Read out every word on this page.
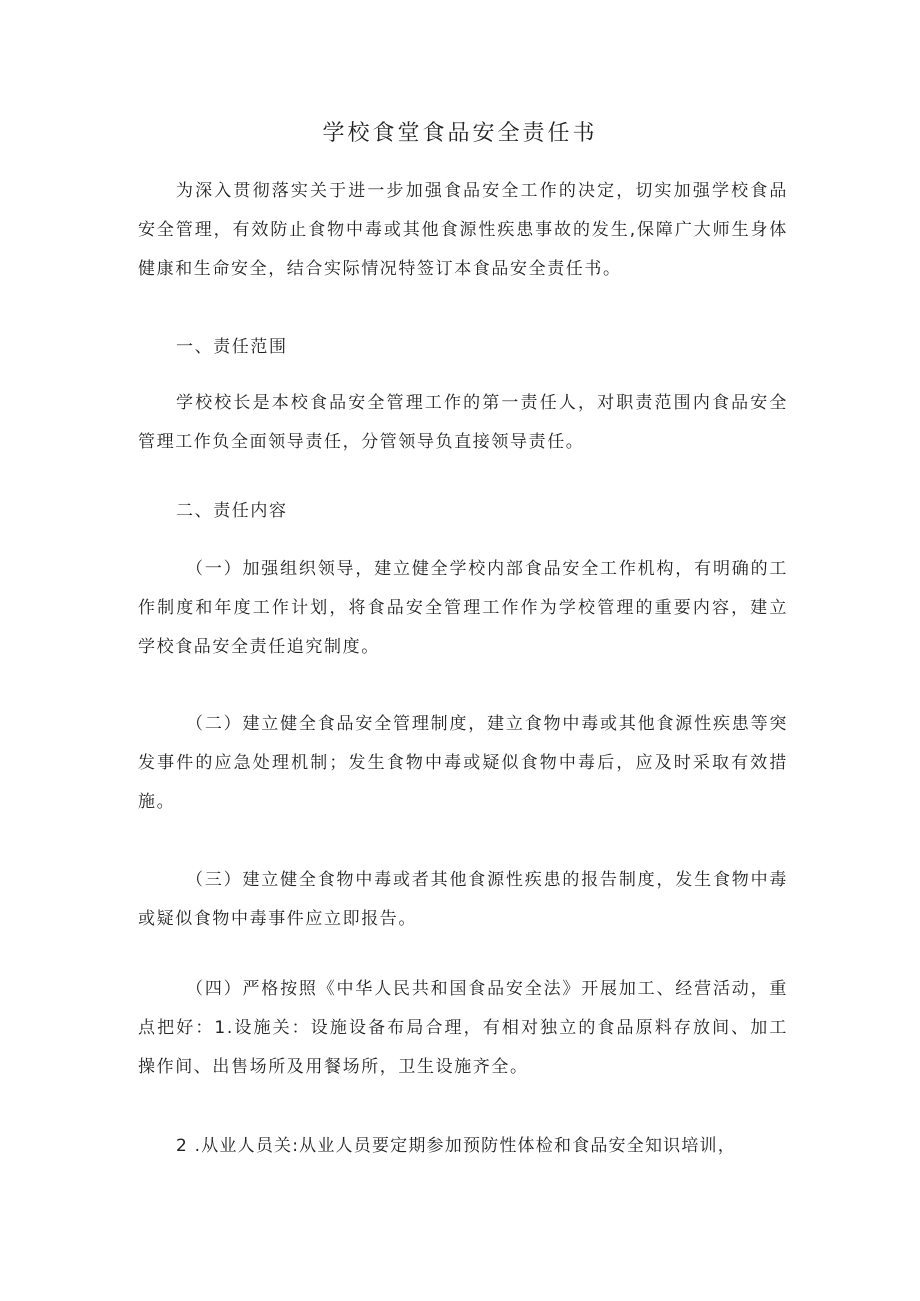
学校食堂食品安全责任书
为深入贯彻落实关于进一步加强食品安全工作的决定，切实加强学校食品安全管理，有效防止食物中毒或其他食源性疾患事故的发生,保障广大师生身体健康和生命安全，结合实际情况特签订本食品安全责任书。
一、责任范围
学校校长是本校食品安全管理工作的第一责任人，对职责范围内食品安全管理工作负全面领导责任，分管领导负直接领导责任。
二、责任内容
（一）加强组织领导，建立健全学校内部食品安全工作机构，有明确的工作制度和年度工作计划，将食品安全管理工作作为学校管理的重要内容，建立学校食品安全责任追究制度。
（二）建立健全食品安全管理制度，建立食物中毒或其他食源性疾患等突发事件的应急处理机制；发生食物中毒或疑似食物中毒后，应及时采取有效措施。
（三）建立健全食物中毒或者其他食源性疾患的报告制度，发生食物中毒或疑似食物中毒事件应立即报告。
（四）严格按照《中华人民共和国食品安全法》开展加工、经营活动，重点把好：1.设施关：设施设备布局合理，有相对独立的食品原料存放间、加工操作间、出售场所及用餐场所，卫生设施齐全。
2 .从业人员关:从业人员要定期参加预防性体检和食品安全知识培训，
